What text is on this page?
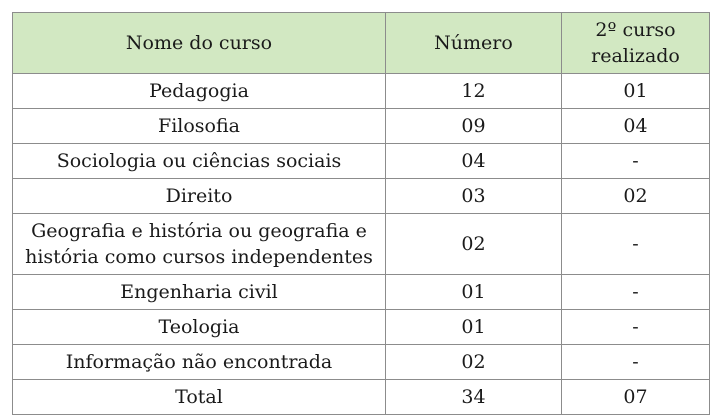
Nome do curso	Número	2º curso
realizado
Pedagogia	12	01
Filosofia	09	04
Sociologia ou ciências sociais	04	-
Direito	03	02
Geografia e história ou geografia e
história como cursos independentes	02	-
Engenharia civil	01	-
Teologia	01	-
Informação não encontrada	02	-
Total	34	07
